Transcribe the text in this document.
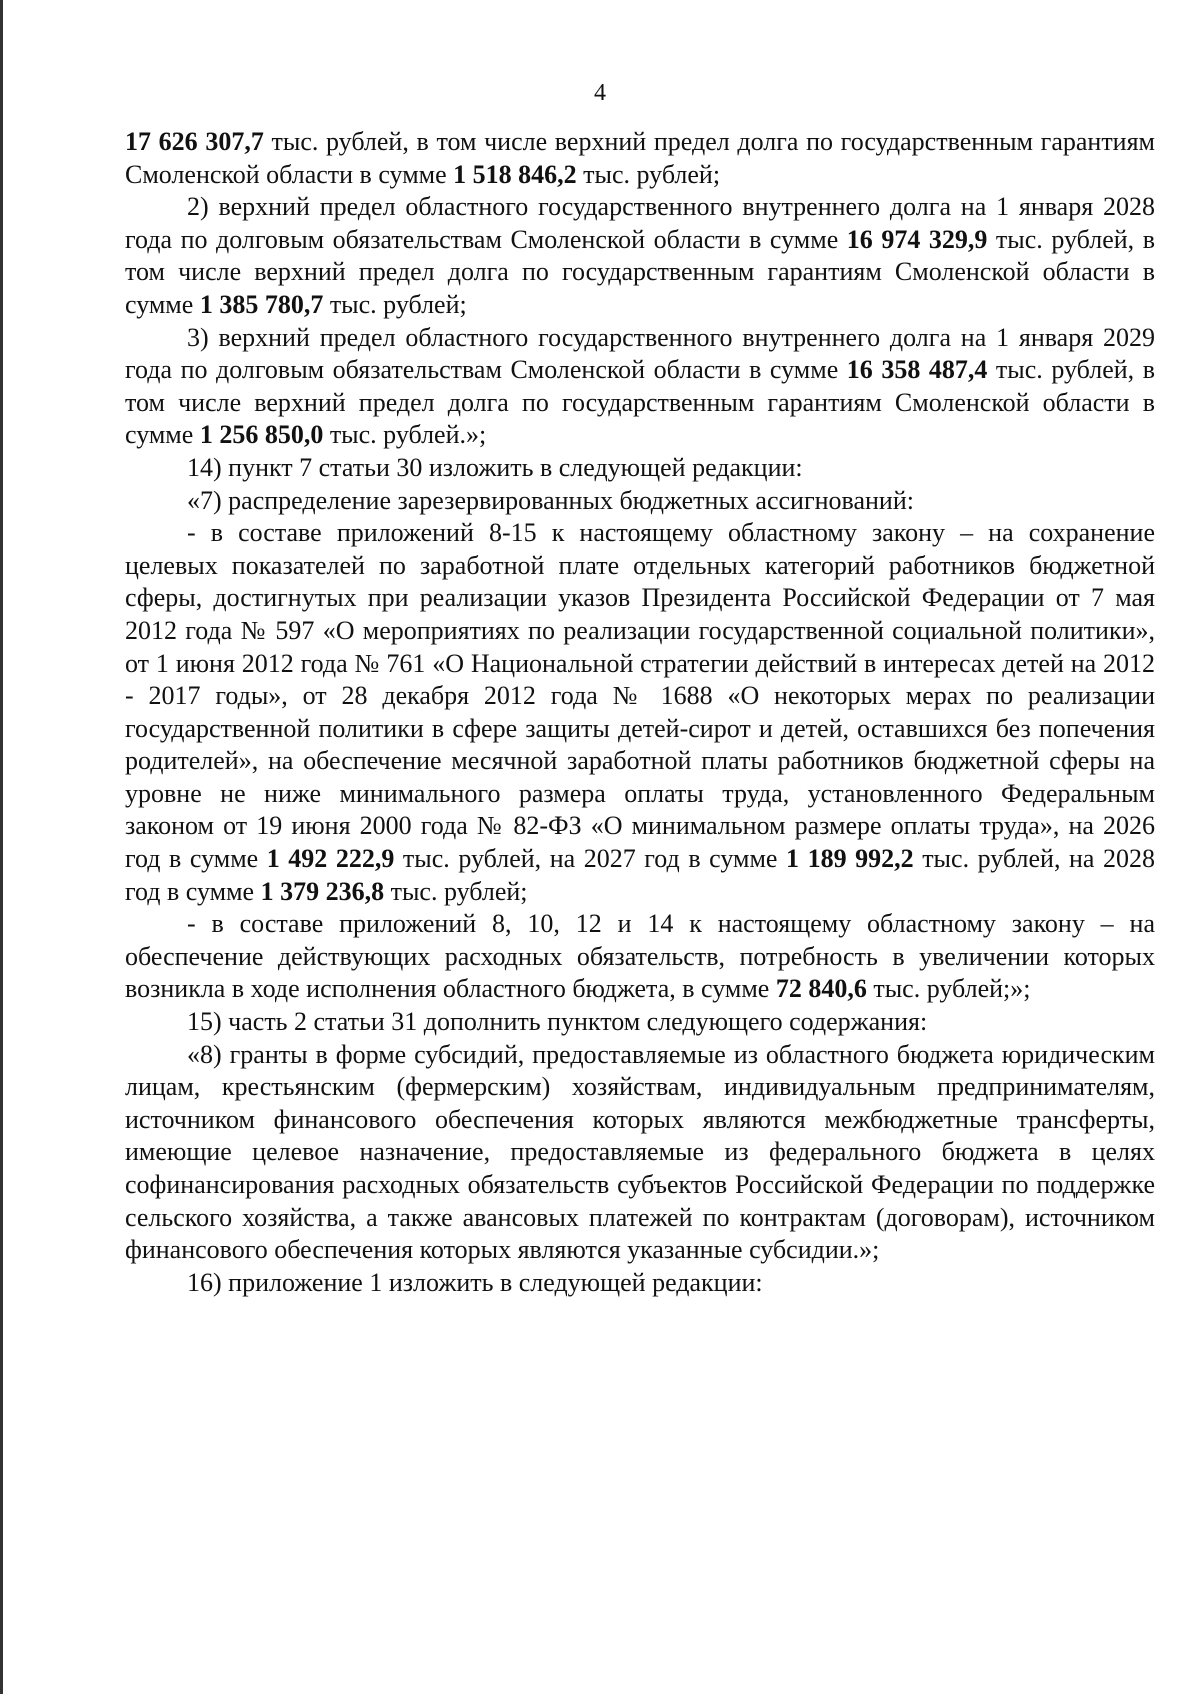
4

17 626 307,7 тыс. рублей, в том числе верхний предел долга по государственным гарантиям Смоленской области в сумме 1 518 846,2 тыс. рублей;

2) верхний предел областного государственного внутреннего долга на 1 января 2028 года по долговым обязательствам Смоленской области в сумме 16 974 329,9 тыс. рублей, в том числе верхний предел долга по государственным гарантиям Смоленской области в сумме 1 385 780,7 тыс. рублей;

3) верхний предел областного государственного внутреннего долга на 1 января 2029 года по долговым обязательствам Смоленской области в сумме 16 358 487,4 тыс. рублей, в том числе верхний предел долга по государственным гарантиям Смоленской области в сумме 1 256 850,0 тыс. рублей.»;

14) пункт 7 статьи 30 изложить в следующей редакции:

«7) распределение зарезервированных бюджетных ассигнований:

- в составе приложений 8-15 к настоящему областному закону – на сохранение целевых показателей по заработной плате отдельных категорий работников бюджетной сферы, достигнутых при реализации указов Президента Российской Федерации от 7 мая 2012 года № 597 «О мероприятиях по реализации государственной социальной политики», от 1 июня 2012 года № 761 «О Национальной стратегии действий в интересах детей на 2012 - 2017 годы», от 28 декабря 2012 года № 1688 «О некоторых мерах по реализации государственной политики в сфере защиты детей-сирот и детей, оставшихся без попечения родителей», на обеспечение месячной заработной платы работников бюджетной сферы на уровне не ниже минимального размера оплаты труда, установленного Федеральным законом от 19 июня 2000 года № 82-ФЗ «О минимальном размере оплаты труда», на 2026 год в сумме 1 492 222,9 тыс. рублей, на 2027 год в сумме 1 189 992,2 тыс. рублей, на 2028 год в сумме 1 379 236,8 тыс. рублей;

- в составе приложений 8, 10, 12 и 14 к настоящему областному закону – на обеспечение действующих расходных обязательств, потребность в увеличении которых возникла в ходе исполнения областного бюджета, в сумме 72 840,6 тыс. рублей;»;

15) часть 2 статьи 31 дополнить пунктом следующего содержания:

«8) гранты в форме субсидий, предоставляемые из областного бюджета юридическим лицам, крестьянским (фермерским) хозяйствам, индивидуальным предпринимателям, источником финансового обеспечения которых являются межбюджетные трансферты, имеющие целевое назначение, предоставляемые из федерального бюджета в целях софинансирования расходных обязательств субъектов Российской Федерации по поддержке сельского хозяйства, а также авансовых платежей по контрактам (договорам), источником финансового обеспечения которых являются указанные субсидии.»;

16) приложение 1 изложить в следующей редакции:
